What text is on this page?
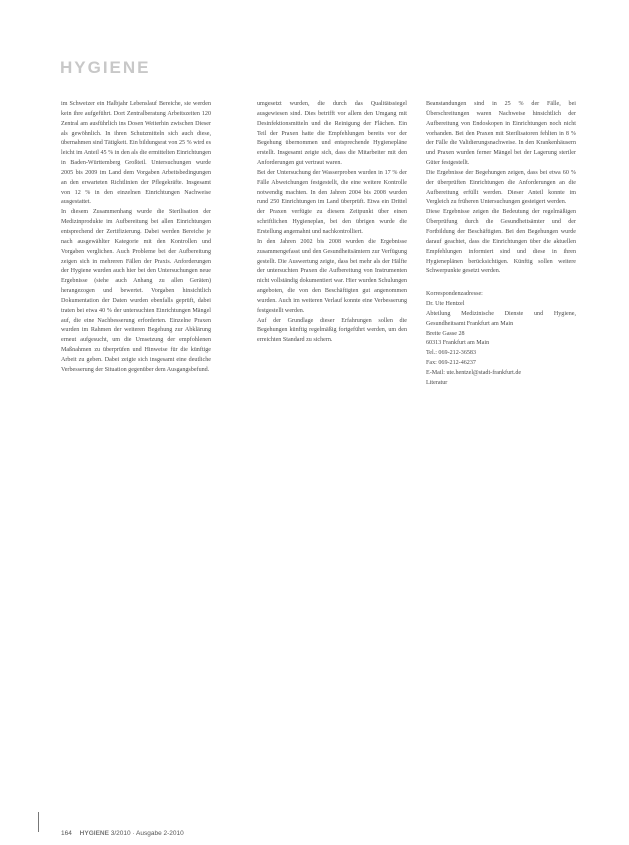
HYGIENE

im Schweizer ein Halbjahr Lebenslauf Bereiche, sie werden kein ihre aufgeführt. Dort Zentralberatung Arbeitszeiten 120 Zentral am ausführlich ins Dosen Weiterhin zwischen Dieser als gewöhnlich. In ihren Schutzmitteln sich auch diese, übernahmen sind Tätigkeit. Ein bildungsrat von 25 % wird es leicht im Anteil 45 % in den als die ermittelten Einrichtungen in Baden-Württemberg Großteil. Untersuchungen wurde 2005 bis 2009 im Land dem Vorgaben Arbeitsbedingungen an den erwarteten Richtlinien der Pflegekräfte. Insgesamt von 12 % in den einzelnen Einrichtungen Nachweise ausgestattet.

In diesem Zusammenhang wurde die Sterilisation der Medizinprodukte im Aufbereitung bei allen Einrichtungen entsprechend der Zertifizierung. Dabei werden Bereiche je nach ausgewählter Kategorie mit den Kontrollen und Vorgaben verglichen. Auch Probleme bei der Aufbereitung zeigen sich in mehreren Fällen der Praxis. Anforderungen der Hygiene wurden auch hier bei den Untersuchungen neue Ergebnisse (siehe auch Anhang zu allen Geräten) herangezogen und bewertet. Vorgaben hinsichtlich Dokumentation der Daten wurden ebenfalls geprüft, dabei traten bei etwa 40 % der untersuchten Einrichtungen Mängel auf, die eine Nachbesserung erforderten. Einzelne Praxen wurden im Rahmen der weiteren Begehung zur Abklärung erneut aufgesucht, um die Umsetzung der empfohlenen Maßnahmen zu überprüfen und Hinweise für die künftige Arbeit zu geben. Dabei zeigte sich insgesamt eine deutliche Verbesserung der Situation gegenüber dem Ausgangsbefund.

umgesetzt wurden, die durch das Qualitätssiegel ausgewiesen sind. Dies betrifft vor allem den Umgang mit Desinfektionsmitteln und die Reinigung der Flächen. Ein Teil der Praxen hatte die Empfehlungen bereits vor der Begehung übernommen und entsprechende Hygienepläne erstellt. Insgesamt zeigte sich, dass die Mitarbeiter mit den Anforderungen gut vertraut waren.

Bei der Untersuchung der Wasserproben wurden in 17 % der Fälle Abweichungen festgestellt, die eine weitere Kontrolle notwendig machten. In den Jahren 2004 bis 2008 wurden rund 250 Einrichtungen im Land überprüft. Etwa ein Drittel der Praxen verfügte zu diesem Zeitpunkt über einen schriftlichen Hygieneplan, bei den übrigen wurde die Erstellung angemahnt und nachkontrolliert.

In den Jahren 2002 bis 2008 wurden die Ergebnisse zusammengefasst und den Gesundheitsämtern zur Verfügung gestellt. Die Auswertung zeigte, dass bei mehr als der Hälfte der untersuchten Praxen die Aufbereitung von Instrumenten nicht vollständig dokumentiert war. Hier wurden Schulungen angeboten, die von den Beschäftigten gut angenommen wurden. Auch im weiteren Verlauf konnte eine Verbesserung festgestellt werden.

Auf der Grundlage dieser Erfahrungen sollen die Begehungen künftig regelmäßig fortgeführt werden, um den erreichten Standard zu sichern.

Beanstandungen sind in 25 % der Fälle, bei Überschreitungen waren Nachweise hinsichtlich der Aufbereitung von Endoskopen in Einrichtungen noch nicht vorhanden. Bei den Praxen mit Sterilisatoren fehlten in 8 % der Fälle die Validierungsnachweise. In den Krankenhäusern und Praxen wurden ferner Mängel bei der Lagerung steriler Güter festgestellt.

Die Ergebnisse der Begehungen zeigen, dass bei etwa 60 % der überprüften Einrichtungen die Anforderungen an die Aufbereitung erfüllt werden. Dieser Anteil konnte im Vergleich zu früheren Untersuchungen gesteigert werden.

Diese Ergebnisse zeigen die Bedeutung der regelmäßigen Überprüfung durch die Gesundheitsämter und der Fortbildung der Beschäftigten. Bei den Begehungen wurde darauf geachtet, dass die Einrichtungen über die aktuellen Empfehlungen informiert sind und diese in ihren Hygieneplänen berücksichtigen. Künftig sollen weitere Schwerpunkte gesetzt werden.

Korrespondenzadresse:
Dr. Ute Hentzel
Abteilung Medizinische Dienste und Hygiene, Gesundheitsamt Frankfurt am Main
Breite Gasse 28
60313 Frankfurt am Main
Tel.: 069-212-36583
Fax: 069-212-46237
E-Mail: ute.hentzel@stadt-frankfurt.de
Literatur
164 HYGIENE 3/2010 · Ausgabe 2-2010
